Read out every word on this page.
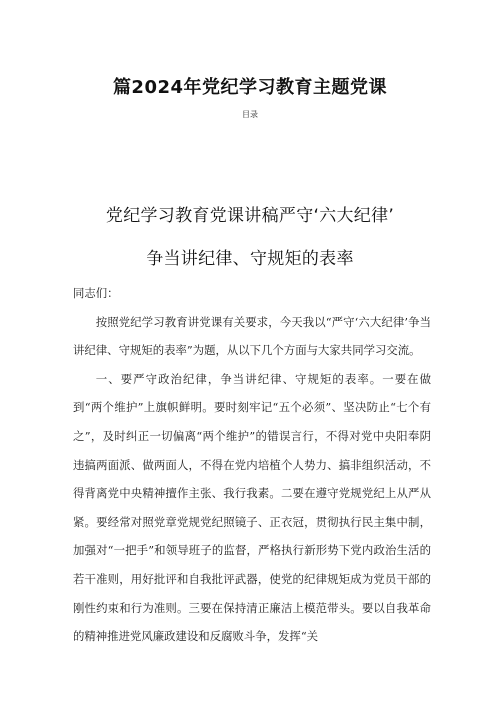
篇2024年党纪学习教育主题党课
目录
党纪学习教育党课讲稿严守‘六大纪律’
争当讲纪律、守规矩的表率

同志们：

按照党纪学习教育讲党课有关要求，今天我以“严守‘六大纪律’争当讲纪律、守规矩的表率”为题，从以下几个方面与大家共同学习交流。

一、要严守政治纪律，争当讲纪律、守规矩的表率。一要在做到“两个维护”上旗帜鲜明。要时刻牢记“五个必须”、坚决防止“七个有之”，及时纠正一切偏离“两个维护”的错误言行，不得对党中央阳奉阴违搞两面派、做两面人，不得在党内培植个人势力、搞非组织活动，不得背离党中央精神擅作主张、我行我素。二要在遵守党规党纪上从严从紧。要经常对照党章党规党纪照镜子、正衣冠，贯彻执行民主集中制，加强对“一把手”和领导班子的监督，严格执行新形势下党内政治生活的若干准则，用好批评和自我批评武器，使党的纪律规矩成为党员干部的刚性约束和行为准则。三要在保持清正廉洁上模范带头。要以自我革命的精神推进党风廉政建设和反腐败斗争，发挥“关
